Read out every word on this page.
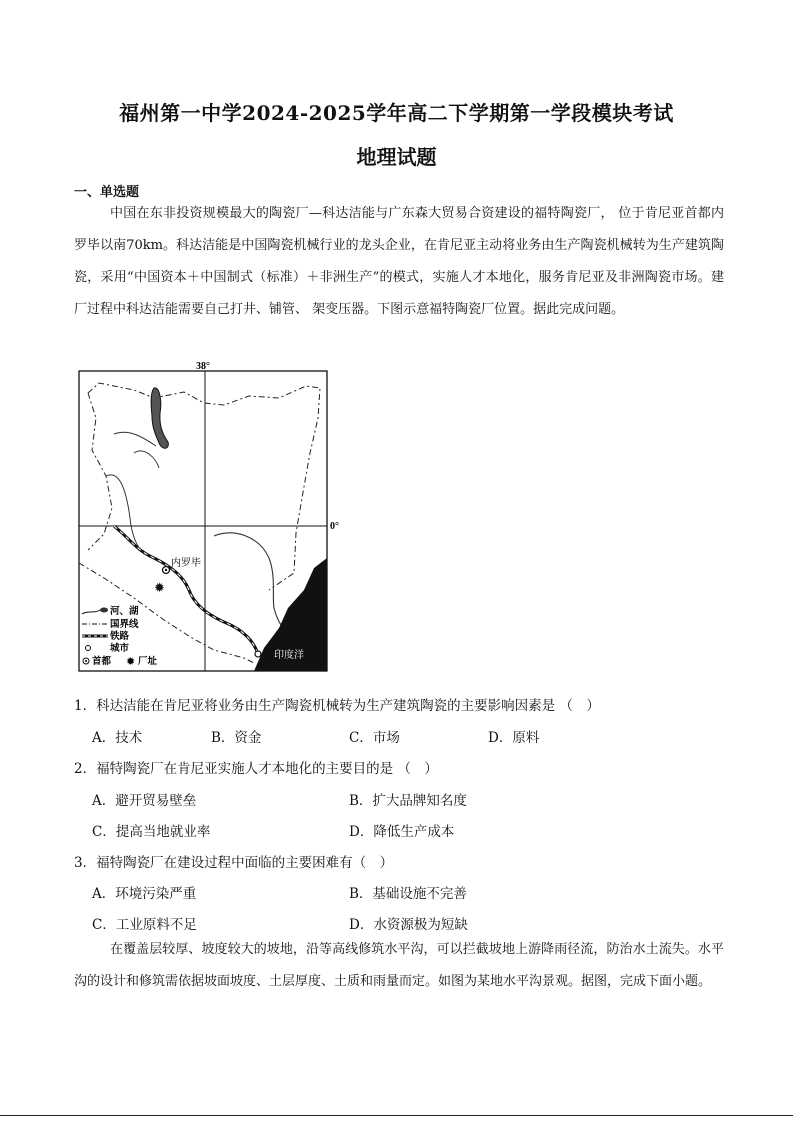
福州第一中学2024-2025学年高二下学期第一学段模块考试
地理试题
一、单选题

中国在东非投资规模最大的陶瓷厂—科达洁能与广东森大贸易合资建设的福特陶瓷厂， 位于肯尼亚首都内罗毕以南70km。科达洁能是中国陶瓷机械行业的龙头企业，在肯尼亚主动将业务由生产陶瓷机械转为生产建筑陶瓷，采用“中国资本＋中国制式（标准）＋非洲生产”的模式，实施人才本地化，服务肯尼亚及非洲陶瓷市场。建厂过程中科达洁能需要自己打井、铺管、 架变压器。下图示意福特陶瓷厂位置。据此完成问题。

38°
0°
印度洋
内罗毕
✹
河、湖
国界线
铁路
城市
首都 ✹ 厂址
1．科达洁能在肯尼亚将业务由生产陶瓷机械转为生产建筑陶瓷的主要影响因素是 （　）
A．技术	B．资金	C．市场	D．原料
2．福特陶瓷厂在肯尼亚实施人才本地化的主要目的是 （　）
A．避开贸易壁垒	B．扩大品牌知名度
C．提高当地就业率	D．降低生产成本
3．福特陶瓷厂在建设过程中面临的主要困难有（　）
A．环境污染严重	B．基础设施不完善
C．工业原料不足	D．水资源极为短缺

在覆盖层较厚、坡度较大的坡地，沿等高线修筑水平沟，可以拦截坡地上游降雨径流，防治水土流失。水平沟的设计和修筑需依据坡面坡度、土层厚度、土质和雨量而定。如图为某地水平沟景观。据图，完成下面小题。
